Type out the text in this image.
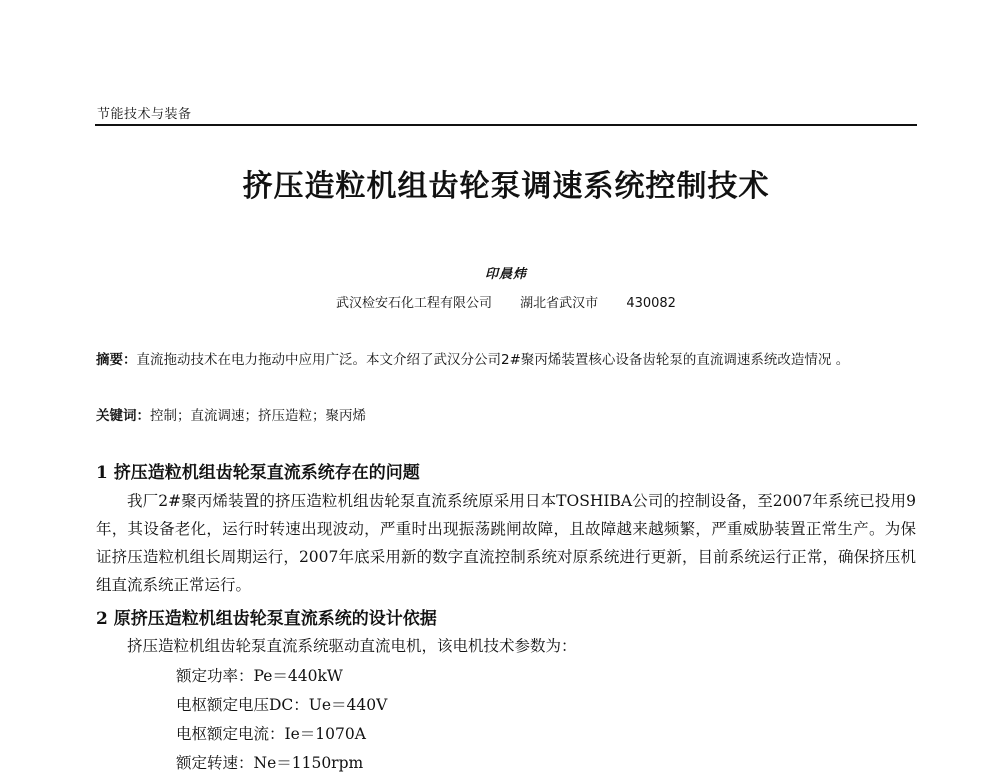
节能技术与装备
挤压造粒机组齿轮泵调速系统控制技术
印晨炜
武汉检安石化工程有限公司 湖北省武汉市 430082
摘要：直流拖动技术在电力拖动中应用广泛。本文介绍了武汉分公司2#聚丙烯装置核心设备齿轮泵的直流调速系统改造情况 。
关键词：控制；直流调速；挤压造粒；聚丙烯
1 挤压造粒机组齿轮泵直流系统存在的问题
我厂2#聚丙烯装置的挤压造粒机组齿轮泵直流系统原采用日本TOSHIBA公司的控制设备，至2007年系统已投用9年，其设备老化，运行时转速出现波动，严重时出现振荡跳闸故障，且故障越来越频繁，严重威胁装置正常生产。为保证挤压造粒机组长周期运行，2007年底采用新的数字直流控制系统对原系统进行更新，目前系统运行正常，确保挤压机组直流系统正常运行。
2 原挤压造粒机组齿轮泵直流系统的设计依据
挤压造粒机组齿轮泵直流系统驱动直流电机，该电机技术参数为：
额定功率：Pe＝440kW
电枢额定电压DC：Ue＝440V
电枢额定电流：Ie＝1070A
额定转速：Ne＝1150rpm
